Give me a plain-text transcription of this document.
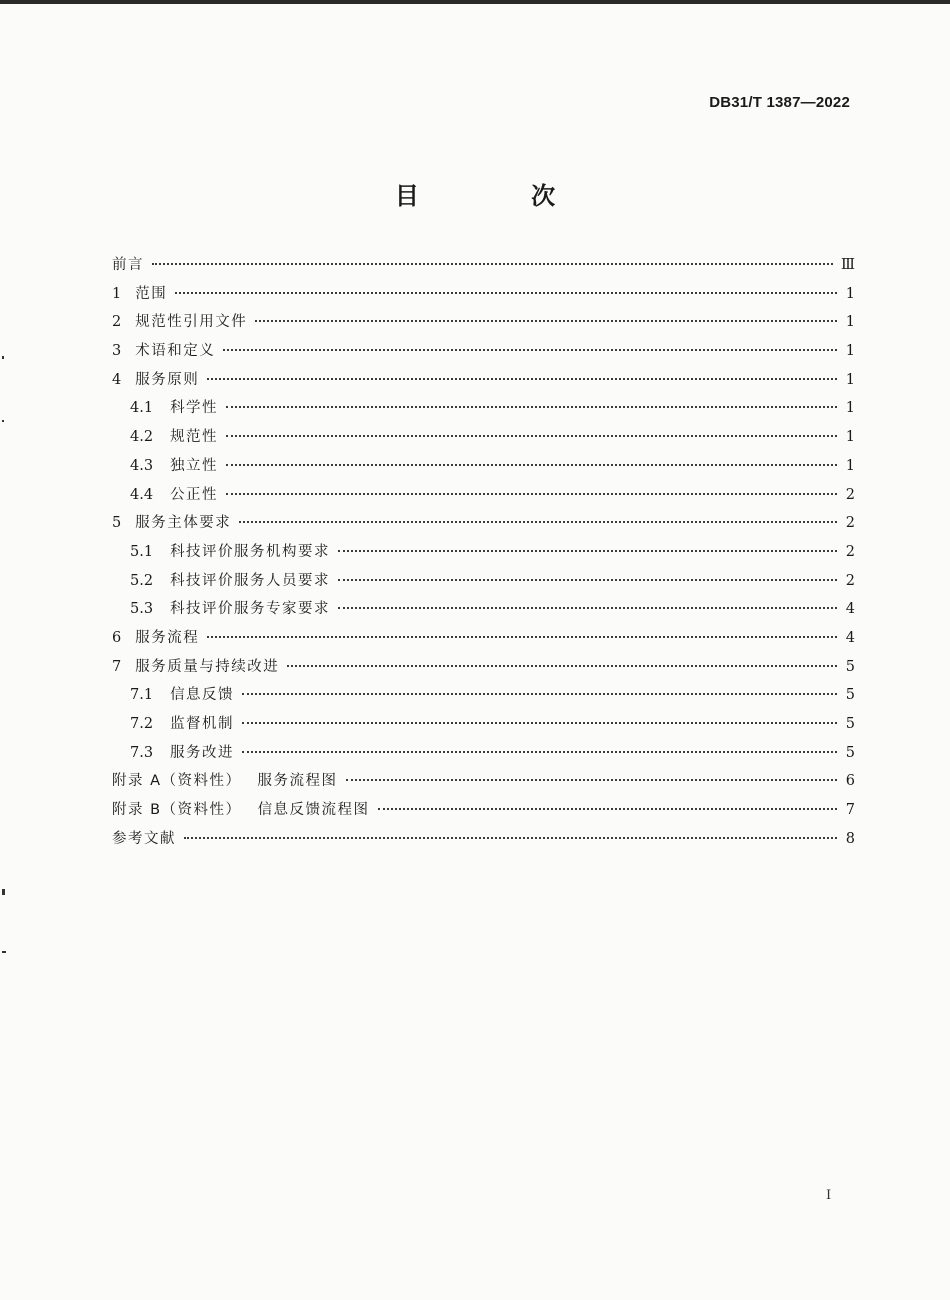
DB31/T 1387—2022
目 次
前言	Ⅲ
1 范围	1
2 规范性引用文件	1
3 术语和定义	1
4 服务原则	1
4.1 科学性	1
4.2 规范性	1
4.3 独立性	1
4.4 公正性	2
5 服务主体要求	2
5.1 科技评价服务机构要求	2
5.2 科技评价服务人员要求	2
5.3 科技评价服务专家要求	4
6 服务流程	4
7 服务质量与持续改进	5
7.1 信息反馈	5
7.2 监督机制	5
7.3 服务改进	5
附录 A（资料性） 服务流程图	6
附录 B（资料性） 信息反馈流程图	7
参考文献	8
I
